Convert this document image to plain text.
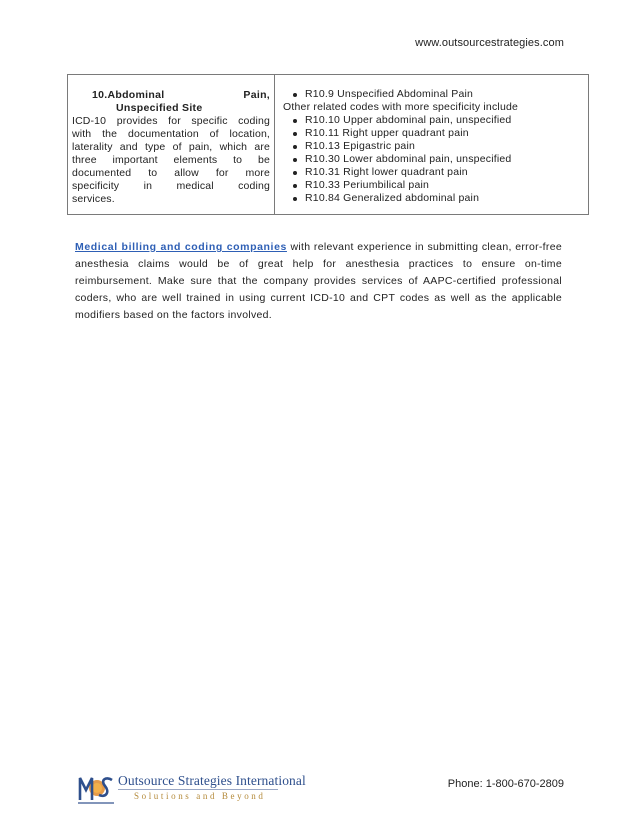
www.outsourcestrategies.com
10.Abdominal	Pain,
Unspecified Site
ICD-10 provides for specific coding
with the documentation of location,
laterality and type of pain, which are
three important elements to be
documented to allow for more
specificity in medical coding
services.
R10.9 Unspecified Abdominal Pain
Other related codes with more specificity include
R10.10 Upper abdominal pain, unspecified
R10.11 Right upper quadrant pain
R10.13 Epigastric pain
R10.30 Lower abdominal pain, unspecified
R10.31 Right lower quadrant pain
R10.33 Periumbilical pain
R10.84 Generalized abdominal pain

Medical billing and coding companies with relevant experience in submitting clean, error-free anesthesia claims would be of great help for anesthesia practices to ensure on-time reimbursement. Make sure that the company provides services of AAPC-certified professional coders, who are well trained in using current ICD-10 and CPT codes as well as the applicable modifiers based on the factors involved.

Outsource Strategies International
Solutions and Beyond
Phone: 1-800-670-2809
